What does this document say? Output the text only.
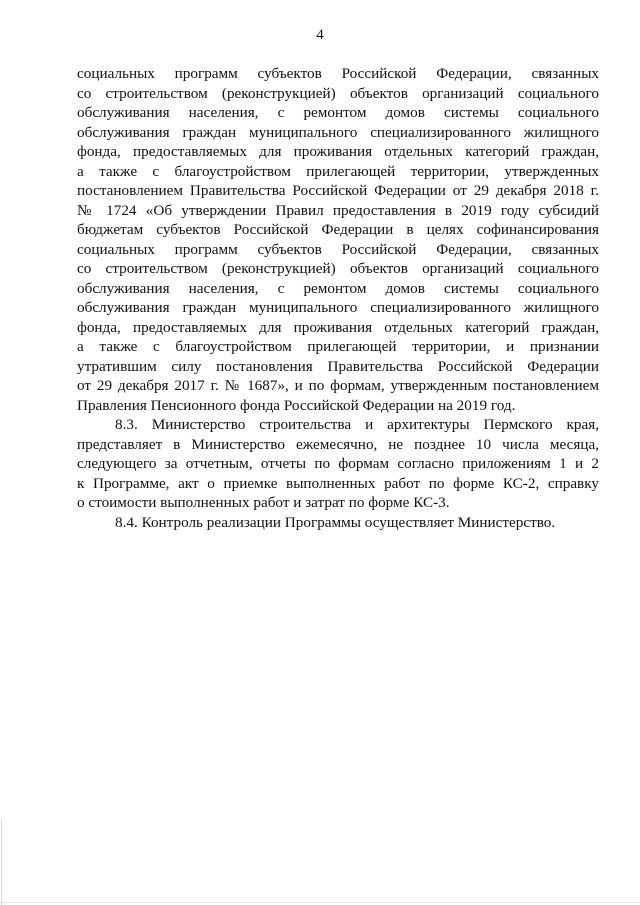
4
социальных программ субъектов Российской Федерации, связанных
со строительством (реконструкцией) объектов организаций социального
обслуживания населения, с ремонтом домов системы социального
обслуживания граждан муниципального специализированного жилищного
фонда, предоставляемых для проживания отдельных категорий граждан,
а также с благоустройством прилегающей территории, утвержденных
постановлением Правительства Российской Федерации от 29 декабря 2018 г.
№ 1724 «Об утверждении Правил предоставления в 2019 году субсидий
бюджетам субъектов Российской Федерации в целях софинансирования
социальных программ субъектов Российской Федерации, связанных
со строительством (реконструкцией) объектов организаций социального
обслуживания населения, с ремонтом домов системы социального
обслуживания граждан муниципального специализированного жилищного
фонда, предоставляемых для проживания отдельных категорий граждан,
а также с благоустройством прилегающей территории, и признании
утратившим силу постановления Правительства Российской Федерации
от 29 декабря 2017 г. № 1687», и по формам, утвержденным постановлением
Правления Пенсионного фонда Российской Федерации на 2019 год.
8.3. Министерство строительства и архитектуры Пермского края,
представляет в Министерство ежемесячно, не позднее 10 числа месяца,
следующего за отчетным, отчеты по формам согласно приложениям 1 и 2
к Программе, акт о приемке выполненных работ по форме КС-2, справку
о стоимости выполненных работ и затрат по форме КС-3.
8.4. Контроль реализации Программы осуществляет Министерство.
